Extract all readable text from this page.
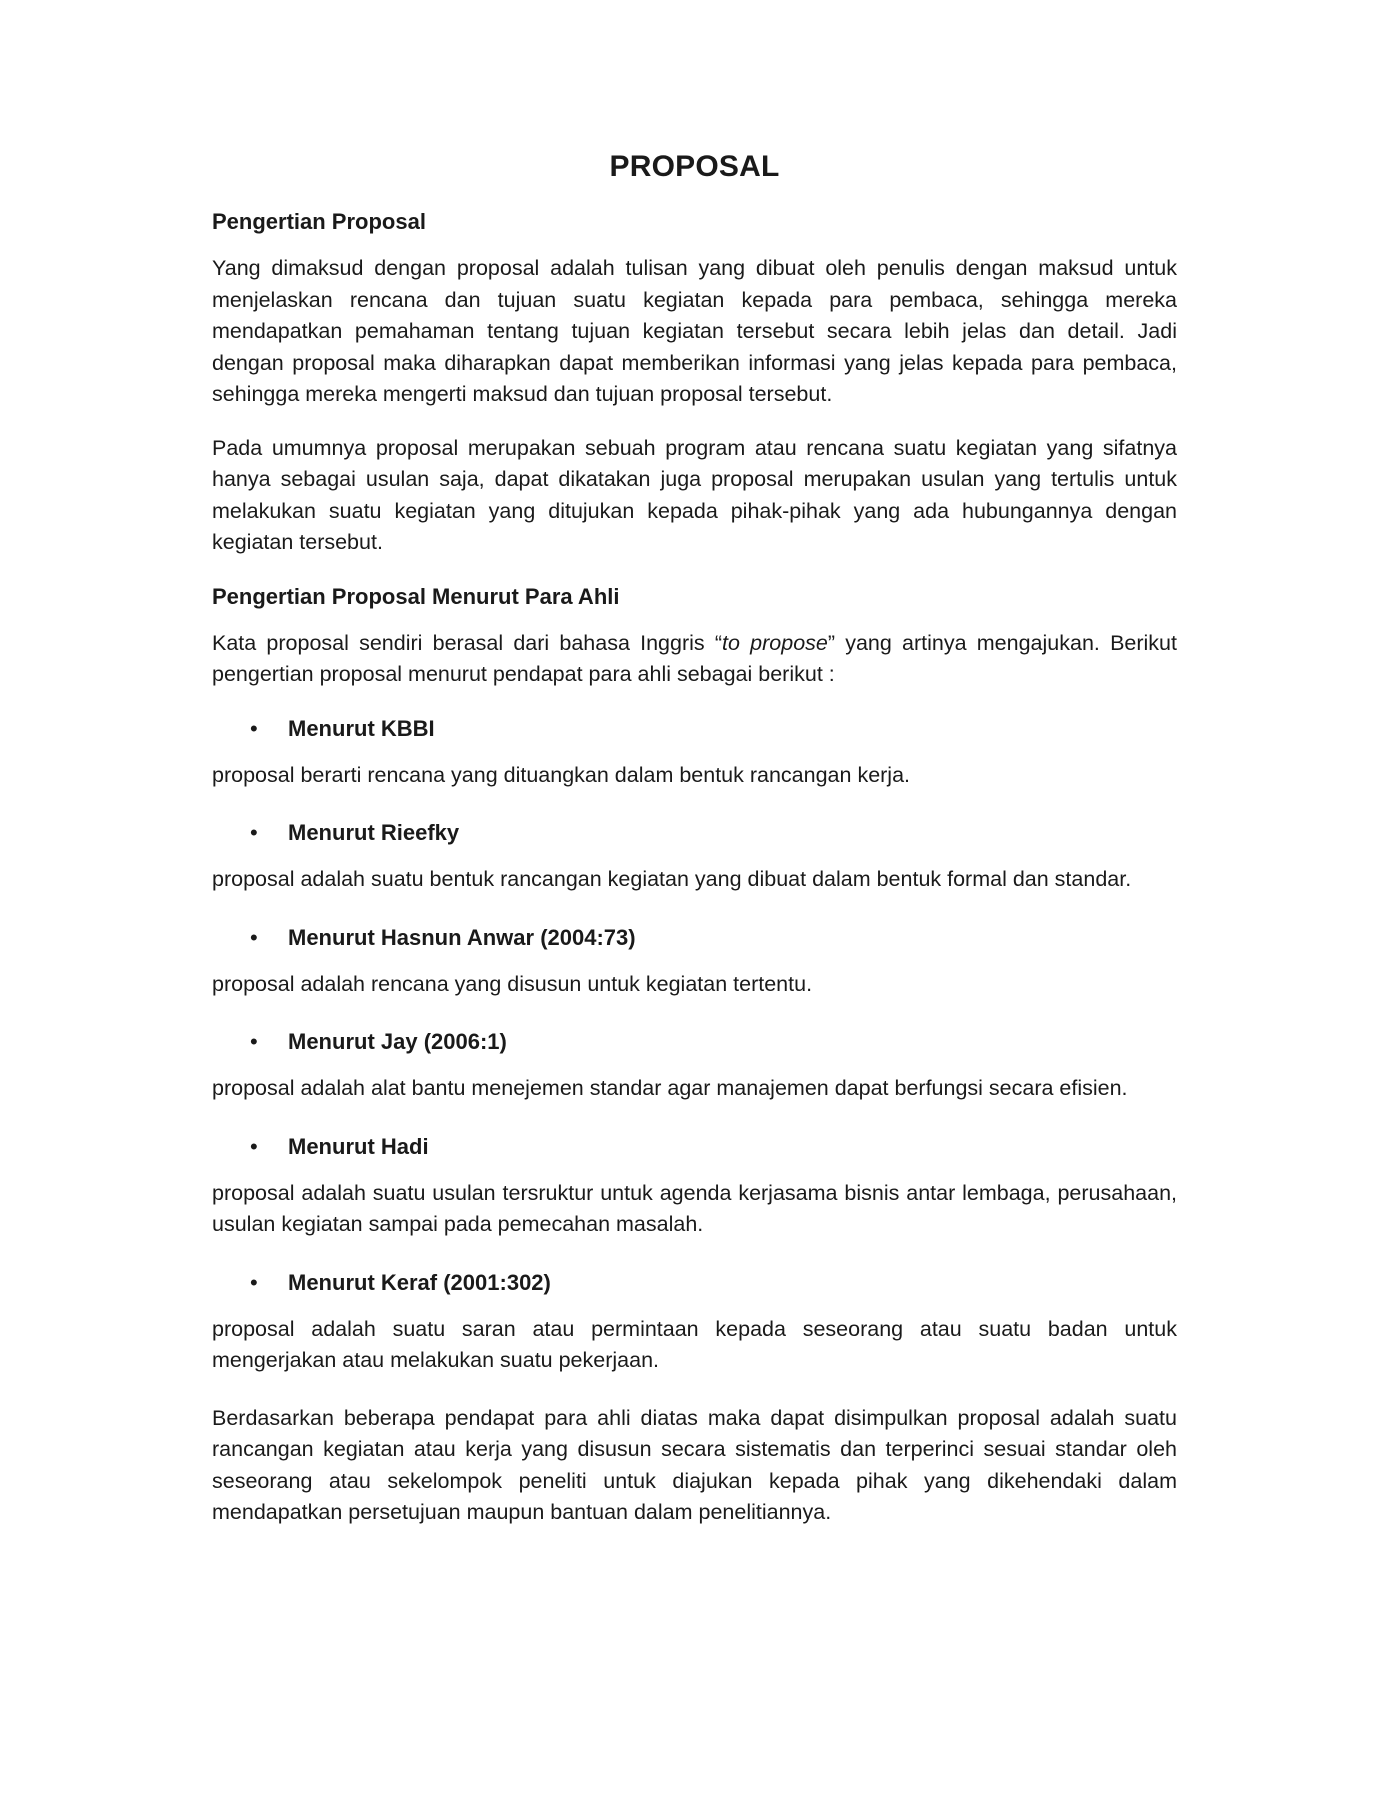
PROPOSAL
Pengertian Proposal

Yang dimaksud dengan proposal adalah tulisan yang dibuat oleh penulis dengan maksud untuk menjelaskan rencana dan tujuan suatu kegiatan kepada para pembaca, sehingga mereka mendapatkan pemahaman tentang tujuan kegiatan tersebut secara lebih jelas dan detail. Jadi dengan proposal maka diharapkan dapat memberikan informasi yang jelas kepada para pembaca, sehingga mereka mengerti maksud dan tujuan proposal tersebut.

Pada umumnya proposal merupakan sebuah program atau rencana suatu kegiatan yang sifatnya hanya sebagai usulan saja, dapat dikatakan juga proposal merupakan usulan yang tertulis untuk melakukan suatu kegiatan yang ditujukan kepada pihak-pihak yang ada hubungannya dengan kegiatan tersebut.

Pengertian Proposal Menurut Para Ahli

Kata proposal sendiri berasal dari bahasa Inggris “to propose” yang artinya mengajukan. Berikut pengertian proposal menurut pendapat para ahli sebagai berikut :

• Menurut KBBI

proposal berarti rencana yang dituangkan dalam bentuk rancangan kerja.

• Menurut Rieefky

proposal adalah suatu bentuk rancangan kegiatan yang dibuat dalam bentuk formal dan standar.

• Menurut Hasnun Anwar (2004:73)

proposal adalah rencana yang disusun untuk kegiatan tertentu.

• Menurut Jay (2006:1)

proposal adalah alat bantu menejemen standar agar manajemen dapat berfungsi secara efisien.

• Menurut Hadi

proposal adalah suatu usulan tersruktur untuk agenda kerjasama bisnis antar lembaga, perusahaan, usulan kegiatan sampai pada pemecahan masalah.

• Menurut Keraf (2001:302)

proposal adalah suatu saran atau permintaan kepada seseorang atau suatu badan untuk mengerjakan atau melakukan suatu pekerjaan.

Berdasarkan beberapa pendapat para ahli diatas maka dapat disimpulkan proposal adalah suatu rancangan kegiatan atau kerja yang disusun secara sistematis dan terperinci sesuai standar oleh seseorang atau sekelompok peneliti untuk diajukan kepada pihak yang dikehendaki dalam mendapatkan persetujuan maupun bantuan dalam penelitiannya.
